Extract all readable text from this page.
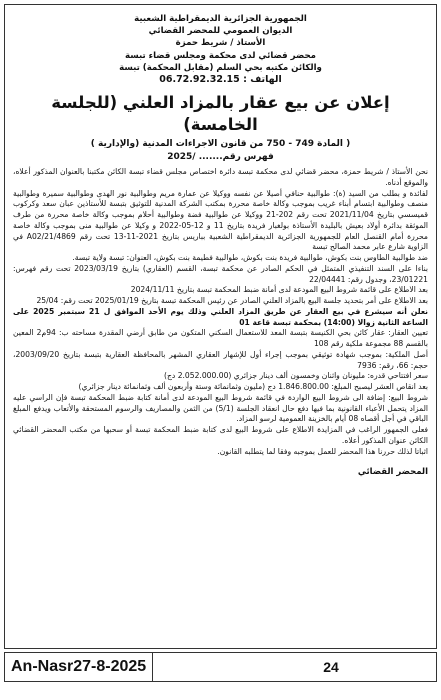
الجمهورية الجزائرية الديمقراطية الشعبية
الديوان العمومي للمحضر القضائي
الأستاذ / شريط حمزة
محضر قضائي لدى محكمة ومجلس قضاء تبسة
والكائن مكتبه بحي السلم (مقابل المحكمة) تبسة
الهاتف : 06.72.92.32.15
إعلان عن بيع عقار بالمزاد العلني (للجلسة الخامسة)
( المادة 749 - 750 من قانون الاجراءات المدنية (والإدارية )
فهرس رقم....... /2025

نحن الأستاذ / شريط حمزة، محضر قضائي لدى محكمة تبسة دائرة اختصاص مجلس قضاء تبسة الكائن مكتبنا بالعنوان المذكور أعلاه، والموقع أدناه.

لفائدة و بطلب من السيد (ة): طوالبية حنافي أصيلا عن نفسه ووكيلا عن عمارة مريم وطوالبية نور الهدى وطوالبية سميرة وطوالبية منصف وطوالبية ابتسام أبناء غريب بموجب وكالة خاصة محررة بمكتب الشركة المدنية للتوثيق بتبسة للأستاذين عبان سعد وكركوب قميسسي بتاريخ 2021/11/04 تحت رقم 202-21 ووكيلا عن طوالبية فضة وطوالبية أحلام بموجب وكالة خاصة محررة من طرف الموثقة بدائرة أولاد بعيش بالبليدة الأستاذة بولغبار فريدة بتاريخ 11 و 12-05-2022 و وكيلا عن طوالبية منى بموجب وكالة خاصة محررة أمام القنصل العام للجمهورية الجزائرية الديمقراطية الشعبية بباريس بتاريخ 2021-11-13 تحت رقم A02/21/4869 في الزاوية شارع عابر محمد الصالح تبسة

ضد طوالبية الطاوس بنت بكوش، طوالبية فريدة بنت بكوش، طوالبية فطيمة بنت بكوش، العنوان: تبسة ولاية تبسة.

بناءا على السند التنفيذي المتمثل في الحكم الصادر عن محكمة تبسة، القسم (العقاري) بتاريخ 2023/03/19 تحت رقم فهرس: 23/01221، وجدول رقم: 22/04441

بعد الاطلاع على قائمة شروط البيع المودعة لدى أمانة ضبط المحكمة تبسة بتاريخ 2024/11/11

بعد الاطلاع على أمر بتحديد جلسة البيع بالمزاد العلني الصادر عن رئيس المحكمة تبسة بتاريخ 2025/01/19 تحت رقم: 25/04

نعلن أنه سيشرع في بيع العقار عن طريق المزاد العلني وذلك يوم الأحد الموافق ل 21 سبتمبر 2025 على الساعة الثانية زوالا (14:00) بمحكمة تبسة قاعة 01

تعيين العقار: عقار كائن بحي الكنيسة بتبسة المعد للاستعمال السكني المتكون من طابق أرضي المقدرة مساحته ب: 94م2 المعين بالقسم 88 مجموعة ملكية رقم 108

أصل الملكية: بموجب شهادة توثيقي بموجب إجراء أول للإشهار العقاري المشهر بالمحافظة العقارية بتبسة بتاريخ 2003/09/20، حجم: 66، رقم: 7936

سعر افتتاحي قدره: مليونان واثنان وخمسون ألف دينار جزائري (2.052.000.00 دج)

بعد انقاص العشر ليصبح المبلغ: 1.846.800.00 دج (مليون وثمانمائة وستة وأربعون ألف وثمانمائة دينار جزائري)

شروط البيع: إضافة الى شروط البيع الواردة في قائمة شروط البيع المودعة لدى أمانة كتابة ضبط المحكمة تبسة فإن الراسي عليه المزاد يتحمل الأعباء القانونية بما فيها دفع حال انعقاد الجلسة (5/1) من الثمن والمصاريف والرسوم المستحقة والأتعاب ويدفع المبلغ الباقي في أجل أقصاه 08 أيام بالخزينة العمومية لرسو المزاد.

فعلى الجمهور الراغب في المزايدة الاطلاع على شروط البيع لدى كتابة ضبط المحكمة تبسة أو سحبها من مكتب المحضر القضائي الكائن عنوان المذكور أعلاه.

اثباتا لذلك حررنا هذا المحضر للعمل بموجبه وفقا لما يتطلبه القانون.

المحضر القضائي
An-Nasr27-8-2025	24
